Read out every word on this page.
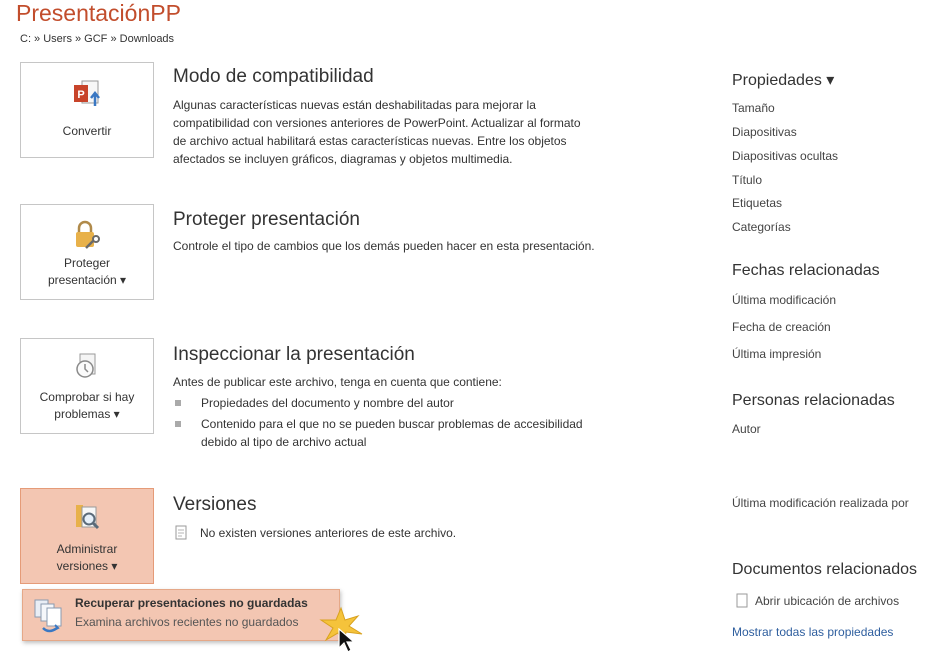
PresentaciónPP
C: » Users » GCF » Downloads
P
Convertir
Modo de compatibilidad
Algunas características nuevas están deshabilitadas para mejorar la
compatibilidad con versiones anteriores de PowerPoint. Actualizar al formato
de archivo actual habilitará estas características nuevas. Entre los objetos
afectados se incluyen gráficos, diagramas y objetos multimedia.
Proteger
presentación ▾
Proteger presentación
Controle el tipo de cambios que los demás pueden hacer en esta presentación.
Comprobar si hay
problemas ▾
Inspeccionar la presentación
Antes de publicar este archivo, tenga en cuenta que contiene:
Propiedades del documento y nombre del autor
Contenido para el que no se pueden buscar problemas de accesibilidad
debido al tipo de archivo actual
Administrar
versiones ▾
Versiones
No existen versiones anteriores de este archivo.
Recuperar presentaciones no guardadas
Examina archivos recientes no guardados
Propiedades ▾
Tamaño
Diapositivas
Diapositivas ocultas
Título
Etiquetas
Categorías
Fechas relacionadas
Última modificación
Fecha de creación
Última impresión
Personas relacionadas
Autor
Última modificación realizada por
Documentos relacionados
Abrir ubicación de archivos
Mostrar todas las propiedades
